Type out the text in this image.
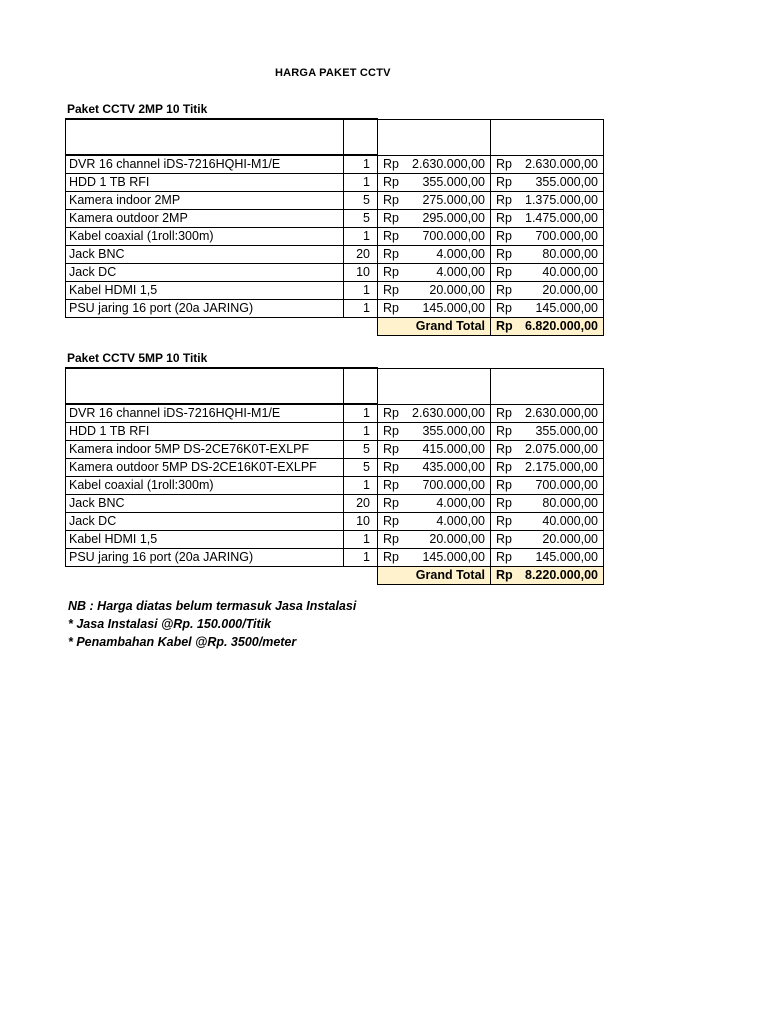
HARGA PAKET CCTV
Paket CCTV 2MP 10 Titik

DVR 16 channel iDS-7216HQHI-M1/E	1	Rp 2.630.000,00	Rp 2.630.000,00

HDD 1 TB RFI	1	Rp 355.000,00	Rp 355.000,00

Kamera indoor 2MP	5	Rp 275.000,00	Rp 1.375.000,00

Kamera outdoor 2MP	5	Rp 295.000,00	Rp 1.475.000,00

Kabel coaxial (1roll:300m)	1	Rp 700.000,00	Rp 700.000,00

Jack BNC	20	Rp 4.000,00	Rp 80.000,00

Jack DC	10	Rp 4.000,00	Rp 40.000,00

Kabel HDMI 1,5	1	Rp 20.000,00	Rp 20.000,00

PSU jaring 16 port (20a JARING)	1	Rp 145.000,00	Rp 145.000,00

		Grand Total	Rp 6.820.000,00
Paket CCTV 5MP 10 Titik

DVR 16 channel iDS-7216HQHI-M1/E	1	Rp 2.630.000,00	Rp 2.630.000,00

HDD 1 TB RFI	1	Rp 355.000,00	Rp 355.000,00

Kamera indoor 5MP DS-2CE76K0T-EXLPF	5	Rp 415.000,00	Rp 2.075.000,00

Kamera outdoor 5MP DS-2CE16K0T-EXLPF	5	Rp 435.000,00	Rp 2.175.000,00

Kabel coaxial (1roll:300m)	1	Rp 700.000,00	Rp 700.000,00

Jack BNC	20	Rp 4.000,00	Rp 80.000,00

Jack DC	10	Rp 4.000,00	Rp 40.000,00

Kabel HDMI 1,5	1	Rp 20.000,00	Rp 20.000,00

PSU jaring 16 port (20a JARING)	1	Rp 145.000,00	Rp 145.000,00

		Grand Total	Rp 8.220.000,00
NB : Harga diatas belum termasuk Jasa Instalasi
* Jasa Instalasi @Rp. 150.000/Titik
* Penambahan Kabel @Rp. 3500/meter
